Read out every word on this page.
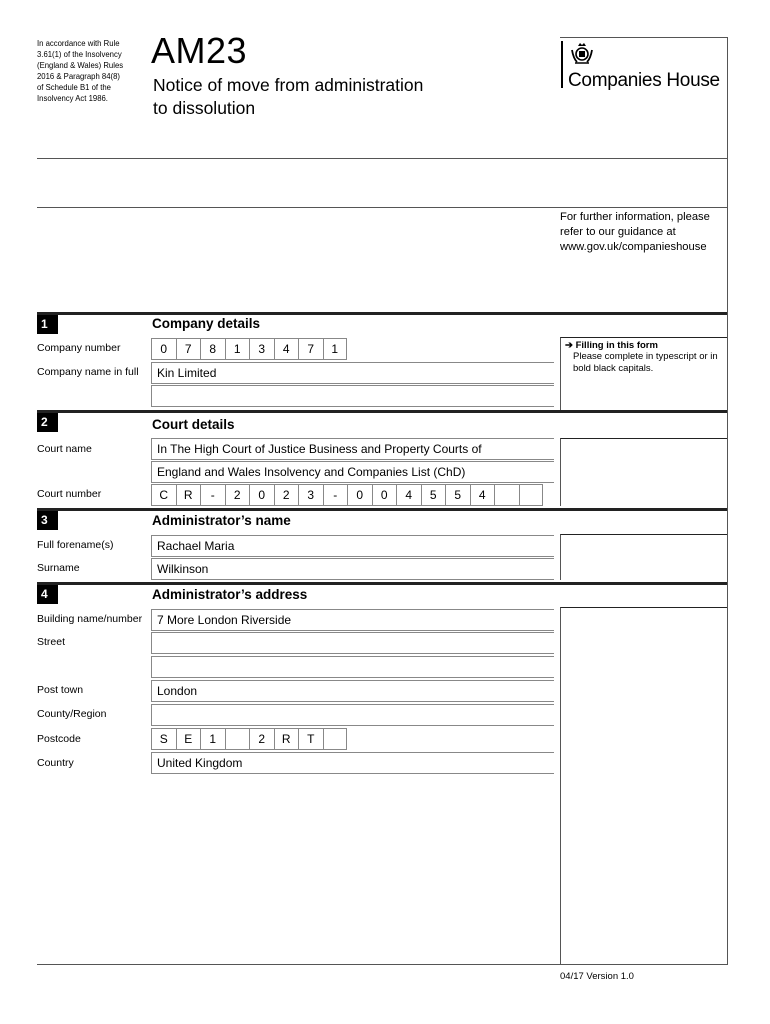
In accordance with Rule 3.61(1) of the Insolvency (England & Wales) Rules 2016 & Paragraph 84(8) of Schedule B1 of the Insolvency Act 1986.
AM23
Notice of move from administration
to dissolution
Companies House
For further information, please refer to our guidance at www.gov.uk/companieshouse
1	Company details
➔ Filling in this form
Please complete in typescript or in bold black capitals.
Company number	0	7	8	1	3	4	7	1
Company name in full	Kin Limited
2	Court details
Court name	In The High Court of Justice Business and Property Courts of
England and Wales Insolvency and Companies List (ChD)
Court number	C	R	-	2	0	2	3	-	0	0	4	5	5	4
3	Administrator’s name
Full forename(s)	Rachael Maria
Surname	Wilkinson
4	Administrator’s address
Building name/number	7 More London Riverside
Street
Post town	London
County/Region
Postcode	S	E	1	2	R	T
Country	United Kingdom
04/17 Version 1.0
